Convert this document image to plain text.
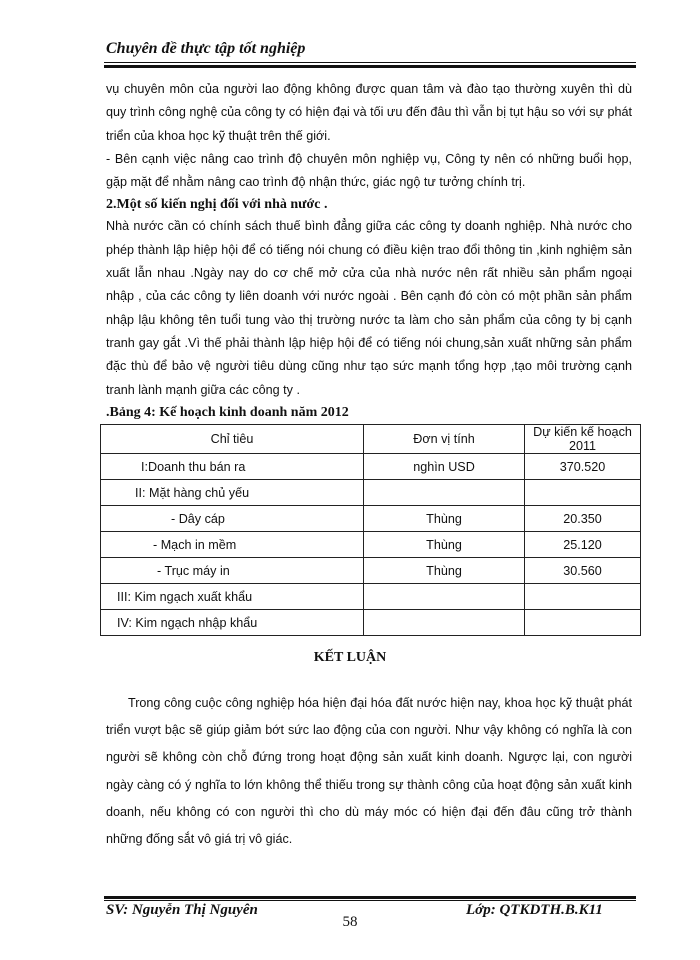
Chuyên đề thực tập tốt nghiệp

vụ chuyên môn của người lao động không được quan tâm và đào tạo thường xuyên thì dù quy trình công nghệ của công ty có hiện đại và tối ưu đến đâu thì vẫn bị tụt hậu so với sự phát triển của khoa học kỹ thuật trên thế giới.

- Bên cạnh việc nâng cao trình độ chuyên môn nghiệp vụ, Công ty nên có những buổi họp, gặp mặt để nhằm nâng cao trình độ nhận thức, giác ngộ tư tưởng chính trị.

2.Một số kiến nghị đối với nhà nước .

Nhà nước cần có chính sách thuế bình đẳng giữa các công ty doanh nghiệp. Nhà nước cho phép thành lập hiệp hội để có tiếng nói chung có điều kiện trao đổi thông tin ,kinh nghiệm sản xuất lẫn nhau .Ngày nay do cơ chế mở cửa của nhà nước nên rất nhiều sản phẩm ngoại nhập , của các công ty liên doanh với nước ngoài . Bên cạnh đó còn có một phần sản phẩm nhập lậu không tên tuổi tung vào thị trường nước ta làm cho sản phẩm của công ty bị cạnh tranh gay gắt .Vì thế phải thành lập hiệp hội để có tiếng nói chung,sản xuất những sản phẩm đặc thù để bảo vệ người tiêu dùng cũng như tạo sức mạnh tổng hợp ,tạo môi trường cạnh tranh lành mạnh giữa các công ty .

.Bảng 4: Kế hoạch kinh doanh năm 2012

Chỉ tiêu	Đơn vị tính	Dự kiến kế hoạch 2011
I:Doanh thu bán ra	nghìn USD	370.520
II: Mặt hàng chủ yếu		
- Dây cáp	Thùng	20.350
- Mạch in mềm	Thùng	25.120
- Trục máy in	Thùng	30.560
III: Kim ngạch xuất khẩu		
IV: Kim ngạch nhập khẩu		
KẾT LUẬN

Trong công cuộc công nghiệp hóa hiện đại hóa đất nước hiện nay, khoa học kỹ thuật phát triển vượt bậc sẽ giúp giảm bớt sức lao động của con người. Như vậy không có nghĩa là con người sẽ không còn chỗ đứng trong hoạt động sản xuất kinh doanh. Ngược lại, con người ngày càng có ý nghĩa to lớn không thể thiếu trong sự thành công của hoạt động sản xuất kinh doanh, nếu không có con người thì cho dù máy móc có hiện đại đến đâu cũng trở thành những đống sắt vô giá trị vô giác.

SV: Nguyễn Thị Nguyên	Lớp: QTKDTH.B.K11
58
